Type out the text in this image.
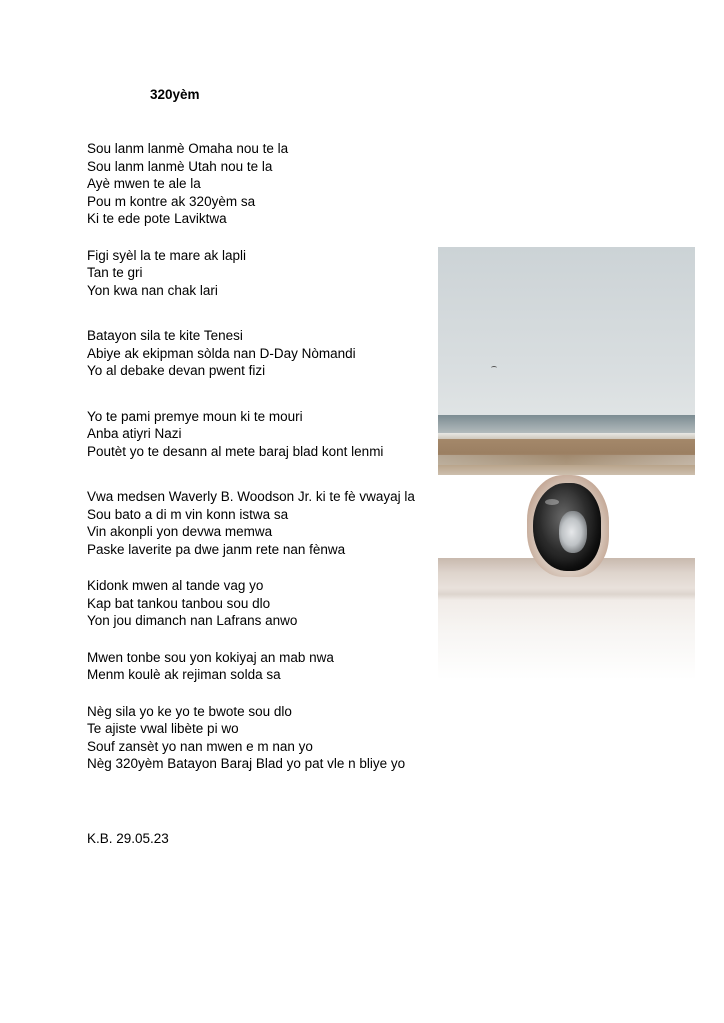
320yèm

Sou lanm lanmè Omaha nou te la
Sou lanm lanmè Utah nou te la
Ayè mwen te ale la
Pou m kontre ak 320yèm sa
Ki te ede pote Laviktwa

Figi syèl la te mare ak lapli
Tan te gri
Yon kwa nan chak lari

Batayon sila te kite Tenesi
Abiye ak ekipman sòlda nan D-Day Nòmandi
Yo al debake devan pwent fizi

Yo te pami premye moun ki te mouri
Anba atiyri Nazi
Poutèt yo te desann al mete baraj blad kont lenmi

Vwa medsen Waverly B. Woodson Jr. ki te fè vwayaj la
Sou bato a di m vin konn istwa sa
Vin akonpli yon devwa memwa
Paske laverite pa dwe janm rete nan fènwa

Kidonk mwen al tande vag yo
Kap bat tankou tanbou sou dlo
Yon jou dimanch nan Lafrans anwo

Mwen tonbe sou yon kokiyaj an mab nwa
Menm koulè ak rejiman solda sa

Nèg sila yo ke yo te bwote sou dlo
Te ajiste vwal libète pi wo
Souf zansèt yo nan mwen e m nan yo
Nèg 320yèm Batayon Baraj Blad yo pat vle n bliye yo

K.B. 29.05.23
